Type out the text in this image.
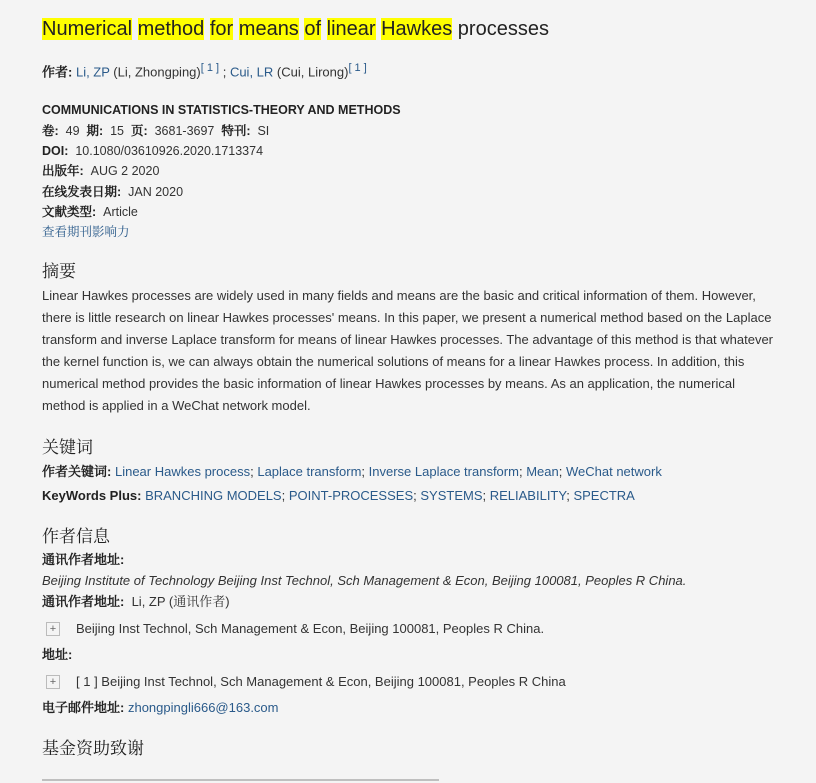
Numerical method for means of linear Hawkes processes
作者: Li, ZP (Li, Zhongping)[ 1 ] ; Cui, LR (Cui, Lirong)[ 1 ]
COMMUNICATIONS IN STATISTICS-THEORY AND METHODS
卷: 49 期: 15 页: 3681-3697 特刊: SI
DOI: 10.1080/03610926.2020.1713374
出版年: AUG 2 2020
在线发表日期: JAN 2020
文献类型: Article
查看期刊影响力
摘要
Linear Hawkes processes are widely used in many fields and means are the basic and critical information of them. However, there is little research on linear Hawkes processes' means. In this paper, we present a numerical method based on the Laplace transform and inverse Laplace transform for means of linear Hawkes processes. The advantage of this method is that whatever the kernel function is, we can always obtain the numerical solutions of means for a linear Hawkes process. In addition, this numerical method provides the basic information of linear Hawkes processes by means. As an application, the numerical method is applied in a WeChat network model.
关键词
作者关键词: Linear Hawkes process; Laplace transform; Inverse Laplace transform; Mean; WeChat network
KeyWords Plus: BRANCHING MODELS; POINT-PROCESSES; SYSTEMS; RELIABILITY; SPECTRA
作者信息
通讯作者地址:
Beijing Institute of Technology Beijing Inst Technol, Sch Management & Econ, Beijing 100081, Peoples R China.
通讯作者地址: Li, ZP (通讯作者)
+ Beijing Inst Technol, Sch Management & Econ, Beijing 100081, Peoples R China.
地址:
+ [ 1 ] Beijing Inst Technol, Sch Management & Econ, Beijing 100081, Peoples R China
电子邮件地址: zhongpingli666@163.com
基金资助致谢
